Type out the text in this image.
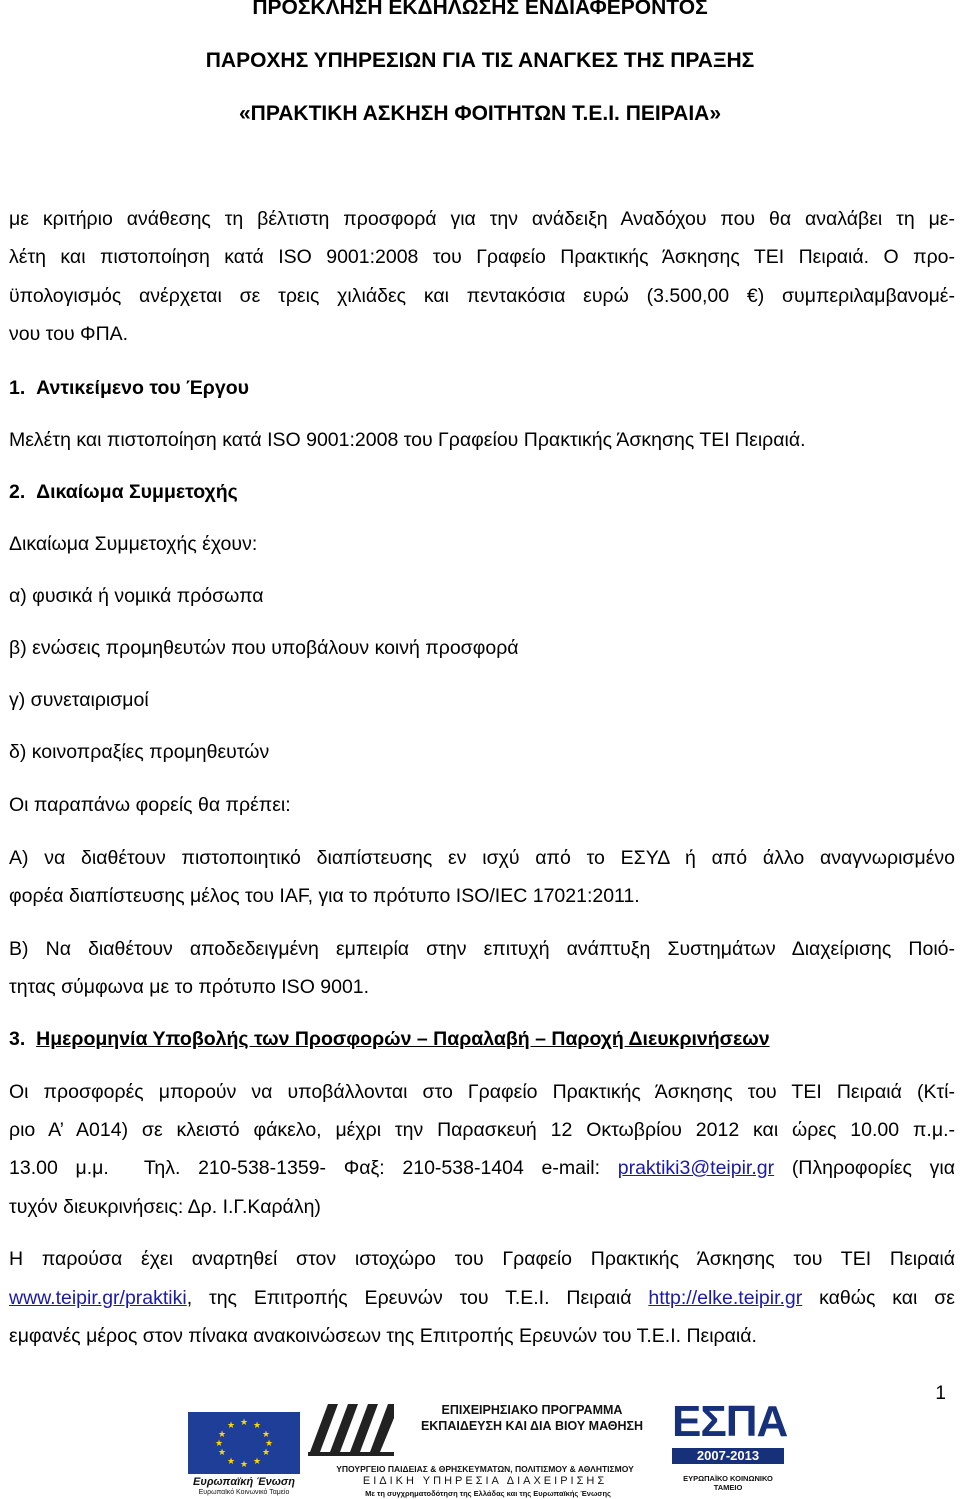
ΠΡΟΣΚΛΗΣΗ ΕΚΔΗΛΩΣΗΣ ΕΝΔΙΑΦΕΡΟΝΤΟΣ
ΠΑΡΟΧΗΣ ΥΠΗΡΕΣΙΩΝ ΓΙΑ ΤΙΣ ΑΝΑΓΚΕΣ ΤΗΣ ΠΡΑΞΗΣ
«ΠΡΑΚΤΙΚΗ ΑΣΚΗΣΗ ΦΟΙΤΗΤΩΝ Τ.Ε.Ι. ΠΕΙΡΑΙΑ»
με κριτήριο ανάθεσης τη βέλτιστη προσφορά για την ανάδειξη Αναδόχου που θα αναλάβει τη με-
λέτη και πιστοποίηση κατά ISO 9001:2008 του Γραφείο Πρακτικής Άσκησης ΤΕΙ Πειραιά. Ο προ-
ϋπολογισμός ανέρχεται σε τρεις χιλιάδες και πεντακόσια ευρώ (3.500,00 €) συμπεριλαμβανομέ-
νου του ΦΠΑ.
1. Αντικείμενο του Έργου
Μελέτη και πιστοποίηση κατά ISO 9001:2008 του Γραφείου Πρακτικής Άσκησης ΤΕΙ Πειραιά.
2. Δικαίωμα Συμμετοχής
Δικαίωμα Συμμετοχής έχουν:
α) φυσικά ή νομικά πρόσωπα
β) ενώσεις προμηθευτών που υποβάλουν κοινή προσφορά
γ) συνεταιρισμοί
δ) κοινοπραξίες προμηθευτών
Οι παραπάνω φορείς θα πρέπει:
Α) να διαθέτουν πιστοποιητικό διαπίστευσης εν ισχύ από το ΕΣΥΔ ή από άλλο αναγνωρισμένο
φορέα διαπίστευσης μέλος του IAF, για το πρότυπο ISO/IEC 17021:2011.
Β) Να διαθέτουν αποδεδειγμένη εμπειρία στην επιτυχή ανάπτυξη Συστημάτων Διαχείρισης Ποιό-
τητας σύμφωνα με το πρότυπο ISO 9001.
3. Ημερομηνία Υποβολής των Προσφορών – Παραλαβή – Παροχή Διευκρινήσεων
Οι προσφορές μπορούν να υποβάλλονται στο Γραφείο Πρακτικής Άσκησης του ΤΕΙ Πειραιά (Κτί-
ριο Α’ Α014) σε κλειστό φάκελο, μέχρι την Παρασκευή 12 Οκτωβρίου 2012 και ώρες 10.00 π.μ.-
13.00 μ.μ.  Τηλ. 210-538-1359- Φαξ: 210-538-1404 e-mail: praktiki3@teipir.gr (Πληροφορίες για
τυχόν διευκρινήσεις: Δρ. Ι.Γ.Καράλη)
Η παρούσα έχει αναρτηθεί στον ιστοχώρο του Γραφείο Πρακτικής Άσκησης του ΤΕΙ Πειραιά
www.teipir.gr/praktiki, της Επιτροπής Ερευνών του Τ.Ε.Ι. Πειραιά http://elke.teipir.gr καθώς και σε
εμφανές μέρος στον πίνακα ανακοινώσεων της Επιτροπής Ερευνών του Τ.Ε.Ι. Πειραιά.
1
★ ★
★
★
★
★
★
★
★
★
★
★
Ευρωπαϊκή Ένωση
Ευρωπαϊκό Κοινωνικό Ταμείο
ΕΠΙΧΕΙΡΗΣΙΑΚΟ ΠΡΟΓΡΑΜΜΑ ΕΚΠΑΙΔΕΥΣΗ ΚΑΙ ΔΙΑ ΒΙΟΥ ΜΑΘΗΣΗ
ΥΠΟΥΡΓΕΙΟ ΠΑΙΔΕΙΑΣ & ΘΡΗΣΚΕΥΜΑΤΩΝ, ΠΟΛΙΤΙΣΜΟΥ & ΑΘΛΗΤΙΣΜΟΥ
ΕΙΔΙΚΗ ΥΠΗΡΕΣΙΑ ΔΙΑΧΕΙΡΙΣΗΣ
Με τη συγχρηματοδότηση της Ελλάδας και της Ευρωπαϊκής Ένωσης
ΕΣΠΑ
2007-2013
ΕΥΡΩΠΑΪΚΟ ΚΟΙΝΩΝΙΚΟ ΤΑΜΕΙΟ
